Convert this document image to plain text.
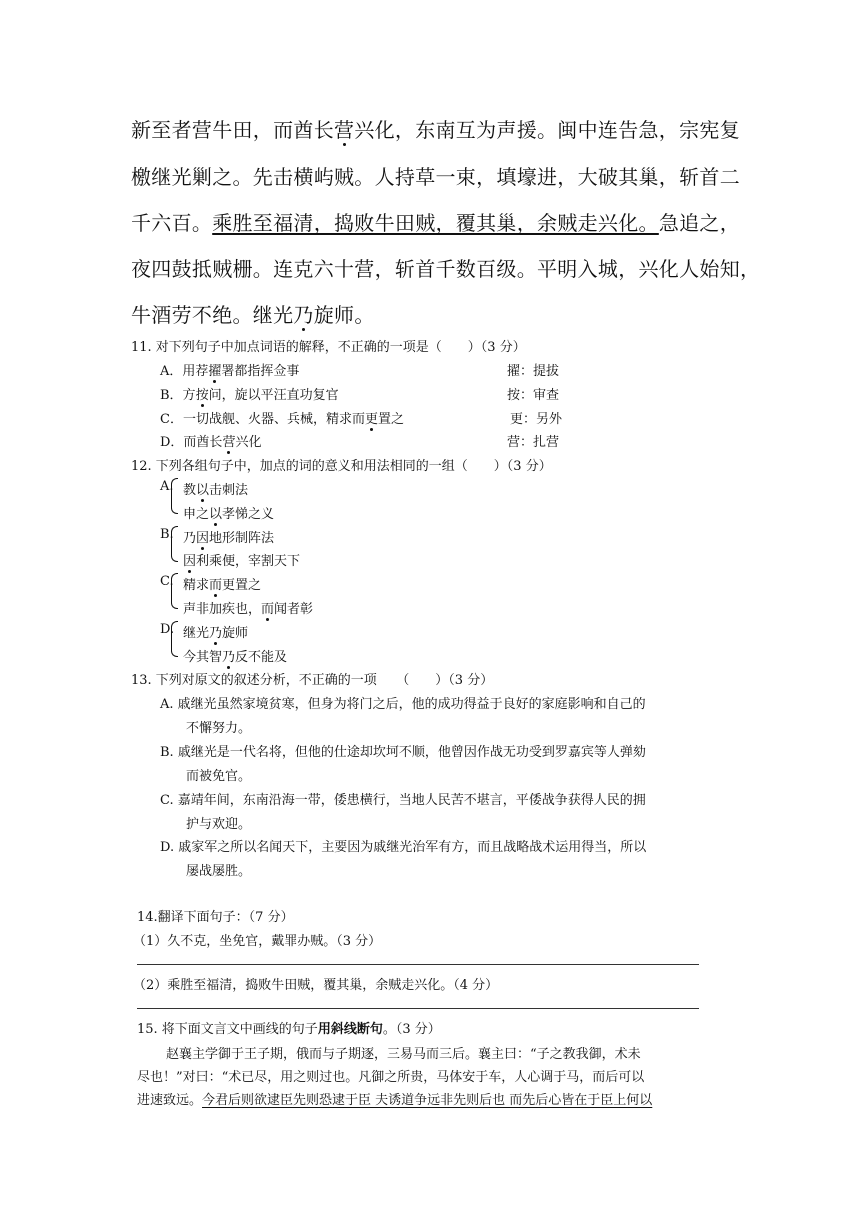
新至者营牛田，而酋长营兴化，东南互为声援。闽中连告急，宗宪复
檄继光剿之。先击横屿贼。人持草一束，填壕进，大破其巢，斩首二
千六百。乘胜至福清，捣败牛田贼，覆其巢，余贼走兴化。急追之，
夜四鼓抵贼栅。连克六十营，斩首千数百级。平明入城，兴化人始知，
牛酒劳不绝。继光乃旋师。
11. 对下列句子中加点词语的解释，不正确的一项是（　　）（3 分）
A．用荐擢署都指挥佥事	擢：提拔
B．方按问，旋以平汪直功复官	按：审查
C．一切战舰、火器、兵械，精求而更置之	更：另外
D．而酋长营兴化	营：扎营
12. 下列各组句子中，加点的词的意义和用法相同的一组（　　）（3 分）
A. 教以击刺法
申之以孝悌之义
B. 乃因地形制阵法
因利乘便，宰割天下
C. 精求而更置之
声非加疾也，而闻者彰
D. 继光乃旋师
今其智乃反不能及
13. 下列对原文的叙述分析，不正确的一项　　（　　）（3 分）
A. 戚继光虽然家境贫寒，但身为将门之后，他的成功得益于良好的家庭影响和自己的
不懈努力。
B. 戚继光是一代名将，但他的仕途却坎坷不顺，他曾因作战无功受到罗嘉宾等人弹劾
而被免官。
C. 嘉靖年间，东南沿海一带，倭患横行，当地人民苦不堪言，平倭战争获得人民的拥
护与欢迎。
D. 戚家军之所以名闻天下，主要因为戚继光治军有方，而且战略战术运用得当，所以
屡战屡胜。
14.翻译下面句子：（7 分）
（1）久不克，坐免官，戴罪办贼。（3 分）
（2）乘胜至福清，捣败牛田贼，覆其巢，余贼走兴化。（4 分）
15. 将下面文言文中画线的句子用斜线断句。（3 分）
赵襄主学御于王子期，俄而与子期逐，三易马而三后。襄主曰：“子之教我御，术未
尽也！”对曰：“术已尽，用之则过也。凡御之所贵，马体安于车，人心调于马，而后可以
进速致远。今君后则欲逮臣先则恐逮于臣 夫诱道争远非先则后也 而先后心皆在于臣上何以
